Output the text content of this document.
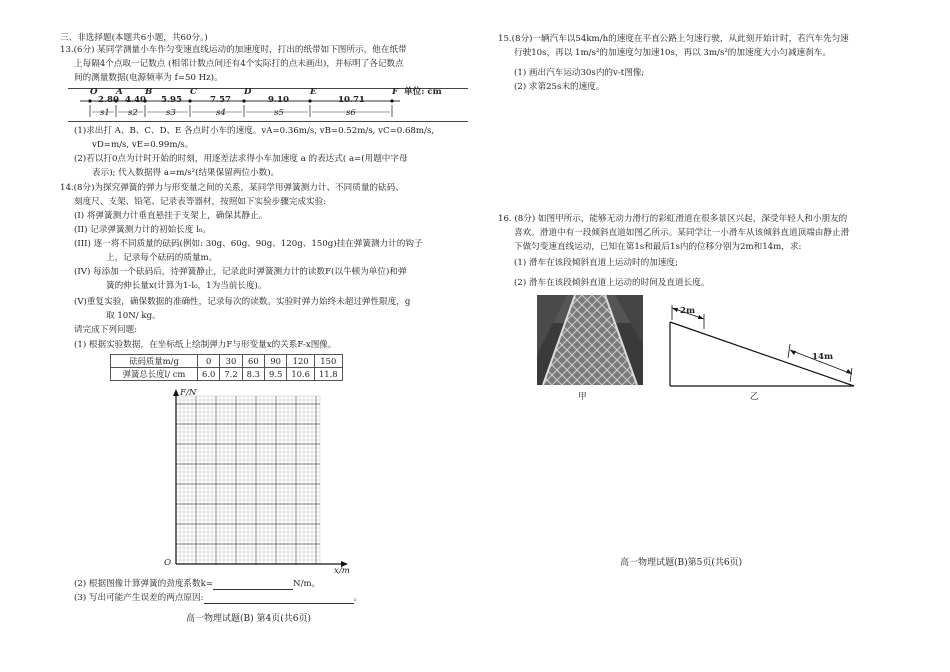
三、非选择题(本题共6小题，共60分。)
13.(6分) 某同学测量小车作匀变速直线运动的加速度时，打出的纸带如下图所示，他在纸带
上每隔4个点取一记数点 (相邻计数点间还有4个实际打的点未画出)，并标明了各记数点
间的测量数据(电源频率为 f=50 Hz)。
O A	B	C	D	E	F 单位: cm
2.80 4.40 5.95	7.57	9.10	10.71
s1 s2	s3	s4	s5	s6
(1)求出打 A、B、C、D、E 各点时小车的速度。vA=0.36m/s, vB=0.52m/s, vC=0.68m/s,
vD=m/s, vE=0.99m/s。
(2)若以打0点为计时开始的时刻，用逐差法求得小车加速度 a 的表达式( a=(用题中字母
表示); 代入数据得 a=m/s²(结果保留两位小数)。
14.(8分)为探究弹簧的弹力与形变量之间的关系，某同学用弹簧测力计、不同质量的砝码、
刻度尺、支架、铅笔、记录表等器材，按照如下实验步骤完成实验:
(I) 将弹簧测力计垂直悬挂于支架上，确保其静止。
(II) 记录弹簧测力计的初始长度 l₀。
(III) 逐一将不同质量的砝码(例如: 30g、60g、90g、120g、150g)挂在弹簧测力计的钩子
上，记录每个砝码的质量m。
(IV) 每添加一个砝码后，待弹簧静止，记录此时弹簧测力计的读数F(以牛顿为单位)和弹
簧的伸长量x(计算为1-l₀，1为当前长度)。
(V)重复实验，确保数据的准确性，记录每次的读数。实验时弹力始终未超过弹性限度，g
取 10N/ kg。
请完成下列问题:
(1) 根据实验数据，在坐标纸上绘制弹力F与形变量x的关系F-x图像。
砝码质量m/g	0	30	60	90	120	150
弹簧总长度l/ cm	6.0	7.2	8.3	9.5	10.6	11.8
F/N
x/m
O
(2) 根据图像计算弹簧的劲度系数k=	N/m。
(3) 写出可能产生误差的两点原因:	。
高一物理试题(B) 第4页(共6页)
15.(8分)一辆汽车以54km/h的速度在平直公路上匀速行驶，从此刻开始计时，若汽车先匀速
行驶10s，再以 1m/s²的加速度匀加速10s，再以 3m/s²的加速度大小匀减速刹车。
(1) 画出汽车运动30s内的v-t图像;
(2) 求第25s末的速度。
16. (8分) 如图甲所示，能够无动力滑行的彩虹滑道在很多景区兴起，深受年轻人和小朋友的
喜欢。滑道中有一段倾斜直道如图乙所示。某同学让一小滑车从该倾斜直道顶端由静止滑
下做匀变速直线运动，已知在第1s和最后1s内的位移分别为2m和14m，求:
(1) 滑车在该段倾斜直道上运动时的加速度;
(2) 滑车在该段倾斜直道上运动的时间及直道长度。
甲
2m
14m
乙
高一物理试题(B)第5页(共6页)
